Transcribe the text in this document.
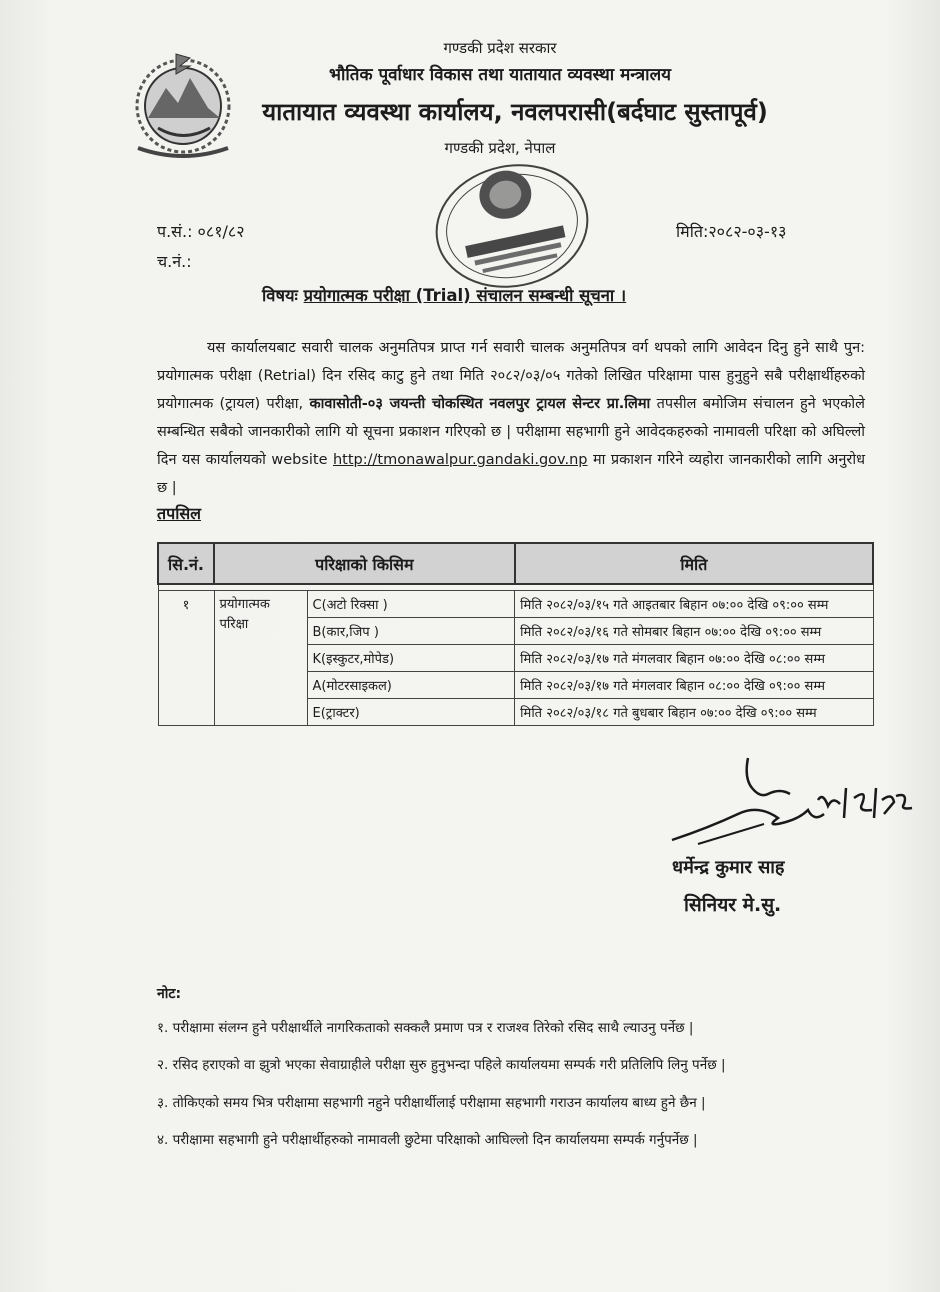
गण्डकी प्रदेश सरकार
भौतिक पूर्वाधार विकास तथा यातायात व्यवस्था मन्त्रालय
यातायात व्यवस्था कार्यालय, नवलपरासी(बर्दघाट सुस्तापूर्व)
गण्डकी प्रदेश, नेपाल
प.सं.: ०८१/८२
च.नं.:
मिति:२०८२-०३-१३
विषयः प्रयोगात्मक परीक्षा (Trial) संचालन सम्बन्धी सूचना ।
यस कार्यालयबाट सवारी चालक अनुमतिपत्र प्राप्त गर्न सवारी चालक अनुमतिपत्र वर्ग थपको लागि आवेदन दिनु हुने साथै पुन: प्रयोगात्मक परीक्षा (Retrial) दिन रसिद काटु हुने तथा मिति २०८२/०३/०५ गतेको लिखित परिक्षामा पास हुनुहुने सबै परीक्षार्थीहरुको प्रयोगात्मक (ट्रायल) परीक्षा, कावासोती-०३ जयन्ती चोकस्थित नवलपुर ट्रायल सेन्टर प्रा.लिमा तपसील बमोजिम संचालन हुने भएकोले सम्बन्धित सबैको जानकारीको लागि यो सूचना प्रकाशन गरिएको छ | परीक्षामा सहभागी हुने आवेदकहरुको नामावली परिक्षा को अघिल्लो दिन यस कार्यालयको website http://tmonawalpur.gandaki.gov.np मा प्रकाशन गरिने व्यहोरा जानकारीको लागि अनुरोध छ |
तपसिल
सि.नं.	परिक्षाको किसिम		मिति

१	प्रयोगात्मक परिक्षा	C(अटो रिक्सा )	मिति २०८२/०३/१५ गते आइतबार बिहान ०७:०० देखि ०९:०० सम्म
		B(कार,जिप )	मिति २०८२/०३/१६ गते सोमबार बिहान ०७:०० देखि ०९:०० सम्म
		K(इस्कुटर,मोपेड)	मिति २०८२/०३/१७ गते मंगलवार बिहान ०७:०० देखि ०८:०० सम्म
		A(मोटरसाइकल)	मिति २०८२/०३/१७ गते मंगलवार बिहान ०८:०० देखि ०९:०० सम्म
		E(ट्राक्टर)	मिति २०८२/०३/१८ गते बुधबार बिहान ०७:०० देखि ०९:०० सम्म
धर्मेन्द्र कुमार साह
सिनियर मे.सु.
नोट:
१. परीक्षामा संलग्न हुने परीक्षार्थीले नागरिकताको सक्कलै प्रमाण पत्र र राजश्व तिरेको रसिद साथै ल्याउनु पर्नेछ |
२. रसिद हराएको वा झुत्रो भएका सेवाग्राहीले परीक्षा सुरु हुनुभन्दा पहिले कार्यालयमा सम्पर्क गरी प्रतिलिपि लिनु पर्नेछ |
३. तोकिएको समय भित्र परीक्षामा सहभागी नहुने परीक्षार्थीलाई परीक्षामा सहभागी गराउन कार्यालय बाध्य हुने छैन |
४. परीक्षामा सहभागी हुने परीक्षार्थीहरुको नामावली छुटेमा परिक्षाको आघिल्लो दिन कार्यालयमा सम्पर्क गर्नुपर्नेछ |
